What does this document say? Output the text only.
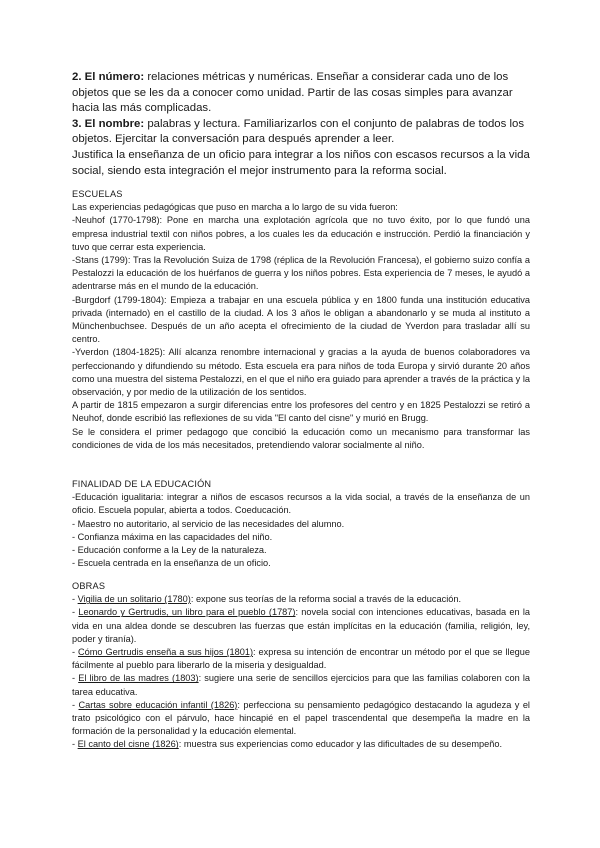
2. El número: relaciones métricas y numéricas. Enseñar a considerar cada uno de los objetos que se les da a conocer como unidad. Partir de las cosas simples para avanzar hacia las más complicadas.

3. El nombre: palabras y lectura. Familiarizarlos con el conjunto de palabras de todos los objetos. Ejercitar la conversación para después aprender a leer.

Justifica la enseñanza de un oficio para integrar a los niños con escasos recursos a la vida social, siendo esta integración el mejor instrumento para la reforma social.

ESCUELAS

Las experiencias pedagógicas que puso en marcha a lo largo de su vida fueron:

-Neuhof (1770-1798): Pone en marcha una explotación agrícola que no tuvo éxito, por lo que fundó una empresa industrial textil con niños pobres, a los cuales les da educación e instrucción. Perdió la financiación y tuvo que cerrar esta experiencia.

-Stans (1799): Tras la Revolución Suiza de 1798 (réplica de la Revolución Francesa), el gobierno suizo confía a Pestalozzi la educación de los huérfanos de guerra y los niños pobres. Esta experiencia de 7 meses, le ayudó a adentrarse más en el mundo de la educación.

-Burgdorf (1799-1804): Empieza a trabajar en una escuela pública y en 1800 funda una institución educativa privada (internado) en el castillo de la ciudad. A los 3 años le obligan a abandonarlo y se muda al instituto a Münchenbuchsee. Después de un año acepta el ofrecimiento de la ciudad de Yverdon para trasladar allí su centro.

-Yverdon (1804-1825): Allí alcanza renombre internacional y gracias a la ayuda de buenos colaboradores va perfeccionando y difundiendo su método. Esta escuela era para niños de toda Europa y sirvió durante 20 años como una muestra del sistema Pestalozzi, en el que el niño era guiado para aprender a través de la práctica y la observación, y por medio de la utilización de los sentidos.

A partir de 1815 empezaron a surgir diferencias entre los profesores del centro y en 1825 Pestalozzi se retiró a Neuhof, donde escribió las reflexiones de su vida "El canto del cisne" y murió en Brugg.

Se le considera el primer pedagogo que concibió la educación como un mecanismo para transformar las condiciones de vida de los más necesitados, pretendiendo valorar socialmente al niño.

FINALIDAD DE LA EDUCACIÓN

-Educación igualitaria: integrar a niños de escasos recursos a la vida social, a través de la enseñanza de un oficio. Escuela popular, abierta a todos. Coeducación.

- Maestro no autoritario, al servicio de las necesidades del alumno.

- Confianza máxima en las capacidades del niño.

- Educación conforme a la Ley de la naturaleza.

- Escuela centrada en la enseñanza de un oficio.

OBRAS

- Vigilia de un solitario (1780): expone sus teorías de la reforma social a través de la educación.

- Leonardo y Gertrudis, un libro para el pueblo (1787): novela social con intenciones educativas, basada en la vida en una aldea donde se descubren las fuerzas que están implícitas en la educación (familia, religión, ley, poder y tiranía).

- Cómo Gertrudis enseña a sus hijos (1801): expresa su intención de encontrar un método por el que se llegue fácilmente al pueblo para liberarlo de la miseria y desigualdad.

- El libro de las madres (1803): sugiere una serie de sencillos ejercicios para que las familias colaboren con la tarea educativa.

- Cartas sobre educación infantil (1826): perfecciona su pensamiento pedagógico destacando la agudeza y el trato psicológico con el párvulo, hace hincapié en el papel trascendental que desempeña la madre en la formación de la personalidad y la educación elemental.

- El canto del cisne (1826): muestra sus experiencias como educador y las dificultades de su desempeño.
